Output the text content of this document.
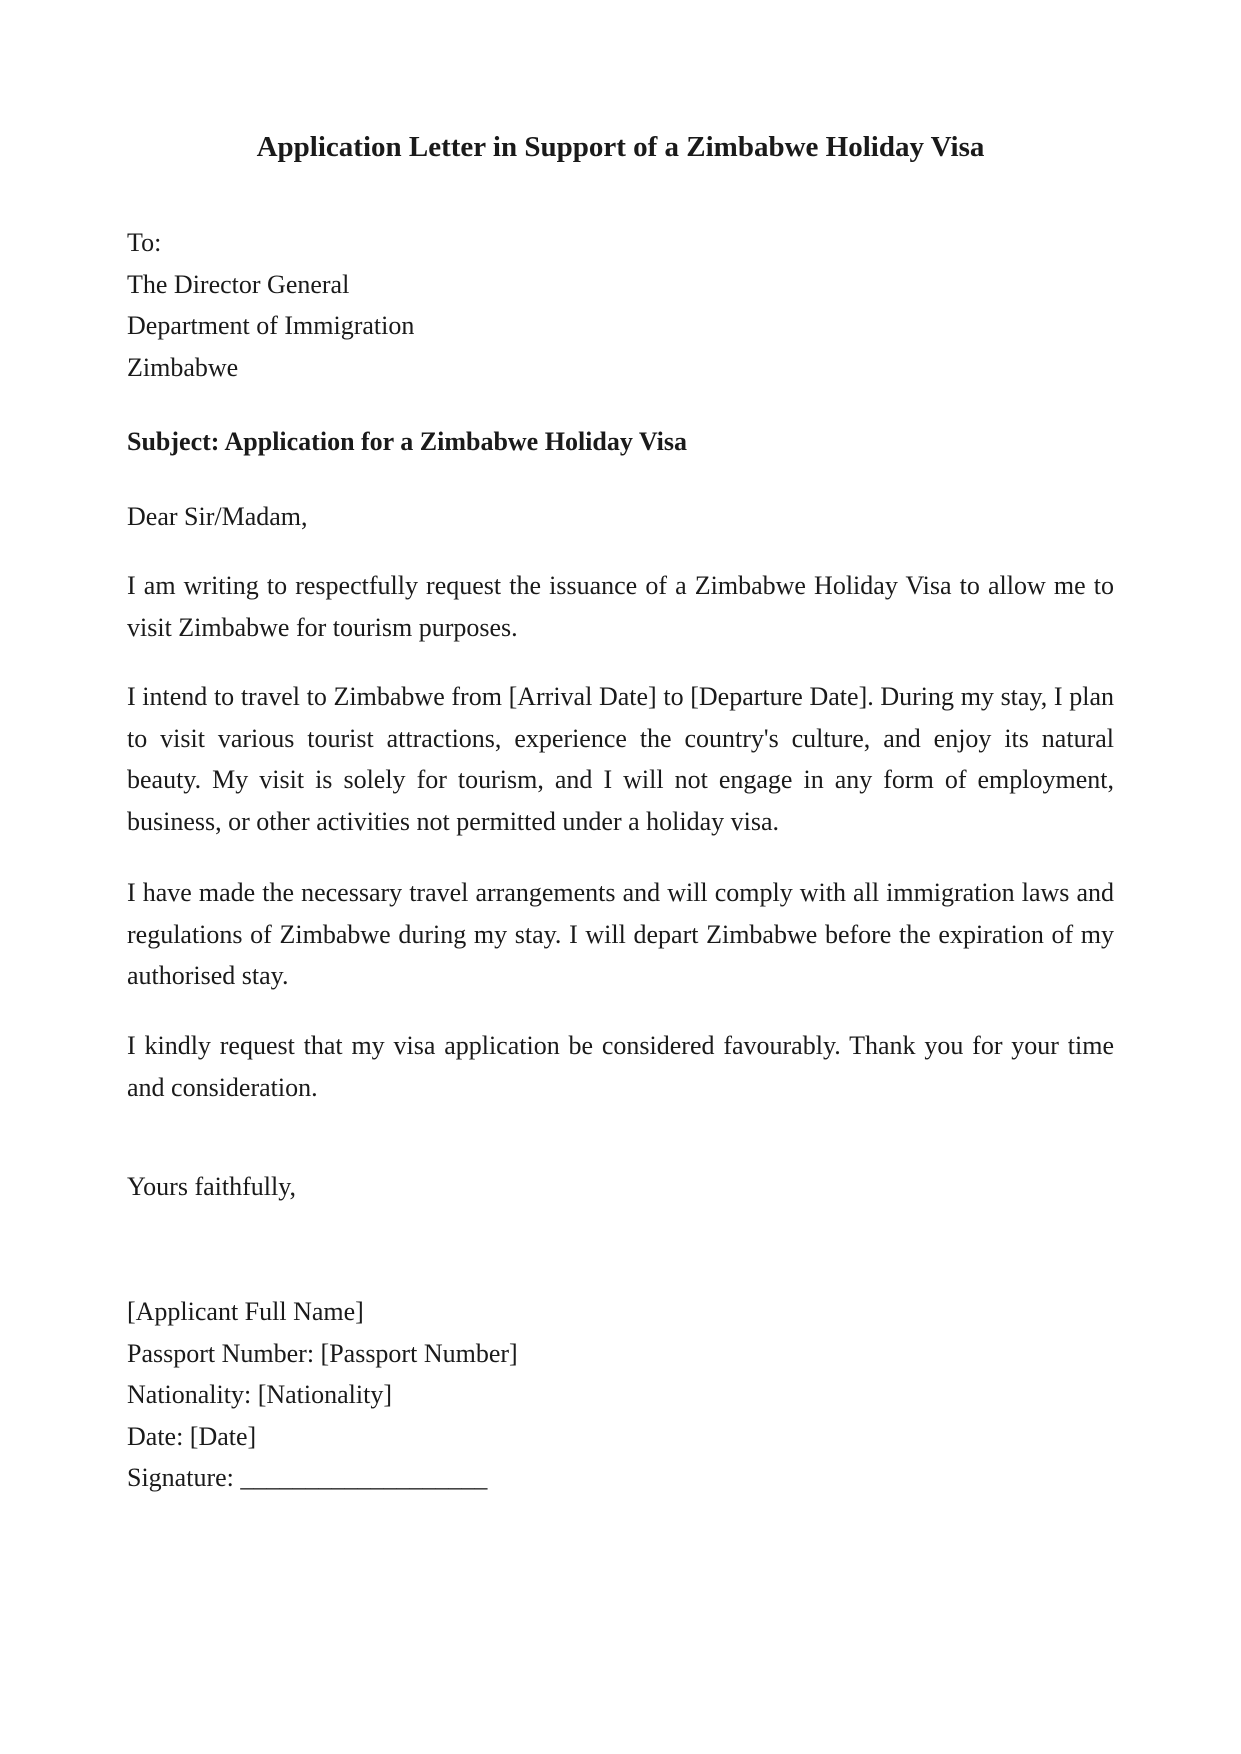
Application Letter in Support of a Zimbabwe Holiday Visa
To:
The Director General
Department of Immigration
Zimbabwe

Subject: Application for a Zimbabwe Holiday Visa

Dear Sir/Madam,

I am writing to respectfully request the issuance of a Zimbabwe Holiday Visa to allow me to visit Zimbabwe for tourism purposes.

I intend to travel to Zimbabwe from [Arrival Date] to [Departure Date]. During my stay, I plan to visit various tourist attractions, experience the country's culture, and enjoy its natural beauty. My visit is solely for tourism, and I will not engage in any form of employment, business, or other activities not permitted under a holiday visa.

I have made the necessary travel arrangements and will comply with all immigration laws and regulations of Zimbabwe during my stay. I will depart Zimbabwe before the expiration of my authorised stay.

I kindly request that my visa application be considered favourably. Thank you for your time and consideration.

Yours faithfully,

[Applicant Full Name]
Passport Number: [Passport Number]
Nationality: [Nationality]
Date: [Date]
Signature: ___________________
